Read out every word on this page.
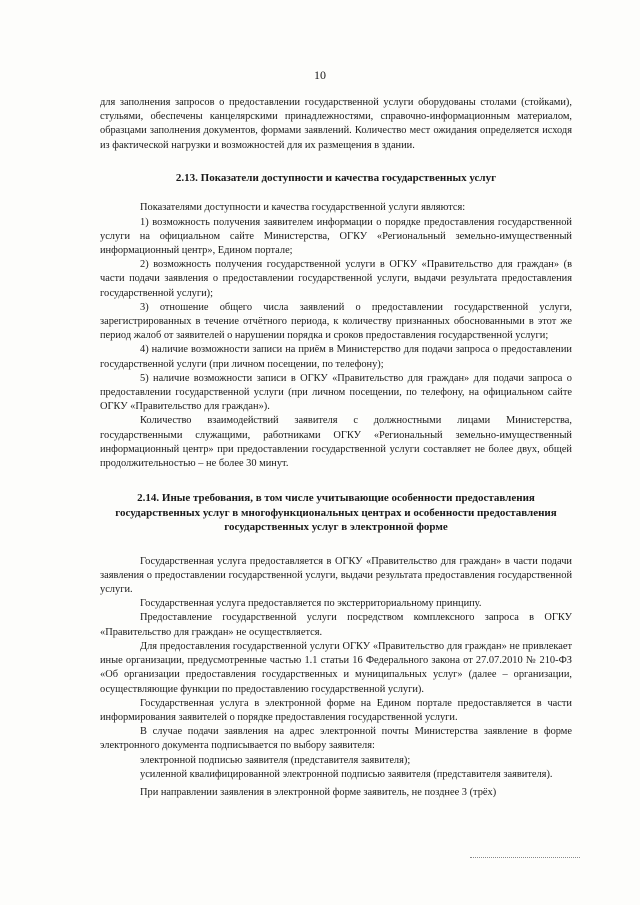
10

для заполнения запросов о предоставлении государственной услуги оборудованы столами (стойками), стульями, обеспечены канцелярскими принадлежностями, справочно-информационным материалом, образцами заполнения документов, формами заявлений. Количество мест ожидания определяется исходя из фактической нагрузки и возможностей для их размещения в здании.

2.13. Показатели доступности и качества государственных услуг

Показателями доступности и качества государственной услуги являются:

1) возможность получения заявителем информации о порядке предоставления государственной услуги на официальном сайте Министерства, ОГКУ «Региональный земельно-имущественный информационный центр», Едином портале;

2) возможность получения государственной услуги в ОГКУ «Правительство для граждан» (в части подачи заявления о предоставлении государственной услуги, выдачи результата предоставления государственной услуги);

3) отношение общего числа заявлений о предоставлении государственной услуги, зарегистрированных в течение отчётного периода, к количеству признанных обоснованными в этот же период жалоб от заявителей о нарушении порядка и сроков предоставления государственной услуги;

4) наличие возможности записи на приём в Министерство для подачи запроса о предоставлении государственной услуги (при личном посещении, по телефону);

5) наличие возможности записи в ОГКУ «Правительство для граждан» для подачи запроса о предоставлении государственной услуги (при личном посещении, по телефону, на официальном сайте ОГКУ «Правительство для граждан»).

Количество взаимодействий заявителя с должностными лицами Министерства, государственными служащими, работниками ОГКУ «Региональный земельно-имущественный информационный центр» при предоставлении государственной услуги составляет не более двух, общей продолжительностью – не более 30 минут.

2.14. Иные требования, в том числе учитывающие особенности предоставления государственных услуг в многофункциональных центрах и особенности предоставления государственных услуг в электронной форме

Государственная услуга предоставляется в ОГКУ «Правительство для граждан» в части подачи заявления о предоставлении государственной услуги, выдачи результата предоставления государственной услуги.

Государственная услуга предоставляется по экстерриториальному принципу.

Предоставление государственной услуги посредством комплексного запроса в ОГКУ «Правительство для граждан» не осуществляется.

Для предоставления государственной услуги ОГКУ «Правительство для граждан» не привлекает иные организации, предусмотренные частью 1.1 статьи 16 Федерального закона от 27.07.2010 № 210-ФЗ «Об организации предоставления государственных и муниципальных услуг» (далее – организации, осуществляющие функции по предоставлению государственной услуги).

Государственная услуга в электронной форме на Едином портале предоставляется в части информирования заявителей о порядке предоставления государственной услуги.

В случае подачи заявления на адрес электронной почты Министерства заявление в форме электронного документа подписывается по выбору заявителя:

электронной подписью заявителя (представителя заявителя);

усиленной квалифицированной электронной подписью заявителя (представителя заявителя).

При направлении заявления в электронной форме заявитель, не позднее 3 (трёх)
